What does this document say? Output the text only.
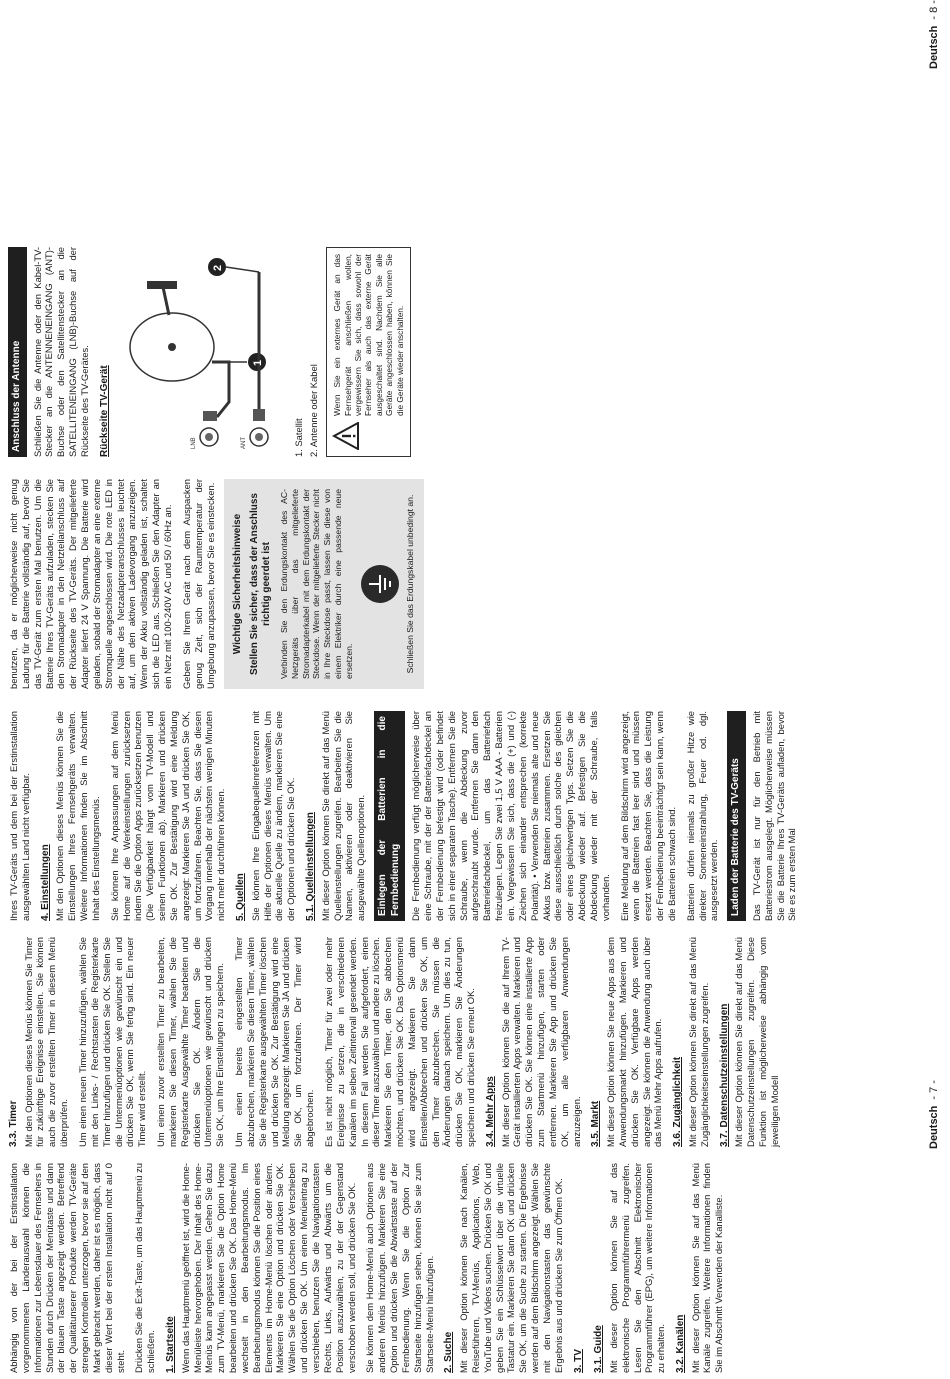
Abhängig von der bei der Erstinstallation vorgenommenen Länderauswahl können die Informationen zur Lebensdauer des Fernsehers in Stunden durch Drücken der Menütaste und dann der blauen Taste angezeigt werden. Betreffend der Qualitätunserer Produkte werden TV-Geräte strengen Kontrollen unterzogen, bevor sie auf den Markt gebracht werden, daher ist es möglich, dass dieser Wert bei der ersten Installation nicht auf 0 steht. Drücken Sie die Exit-Taste, um das Hauptmenü zu schließen. 1. Startseite Wenn das Hauptmenü geöffnet ist, wird die Home-Menüleiste hervorgehoben. Der Inhalt des Home-Menüs kann angepasst werden. Gehen Sie dazu zum TV-Menü, markieren Sie die Option Home bearbeiten und drücken Sie OK. Das Home-Menü wechselt in den Bearbeitungsmodus. Im Bearbeitungsmodus können Sie die Position eines Elements im Home-Menü löschen oder ändern. Markieren Sie eine Option und drücken Sie OK. Wählen Sie die Option Löschen oder Verschieben und drücken Sie OK. Um einen Menüeintrag zu verschieben, benutzen Sie die Navigationstasten Rechts, Links, Aufwärts und Abwärts um die Position auszuwählen, zu der der Gegenstand verschoben werden soll, und drücken Sie OK. Sie können dem Home-Menü auch Optionen aus anderen Menüs hinzufügen. Markieren Sie eine Option und drücken Sie die Abwärtstaste auf der Fernbedienung. Wenn Sie die Option Zur Startseite hinzufügen sehen, können Sie sie zum Startseite-Menü hinzufügen. 2. Suche Mit dieser Option können Sie nach Kanälen, Reiseführern, TV-Menüs, Applications, Web, YouTube und Videos suchen. Drücken Sie OK und geben Sie ein Schlüsselwort über die virtuelle Tastatur ein. Markieren Sie dann OK und drücken Sie OK, um die Suche zu starten. Die Ergebnisse werden auf dem Bildschirm angezeigt. Wählen Sie mit den Navigationstasten das gewünschte Ergebnis aus und drücken Sie zum Öffnen OK. 3. TV 3.1. Guide Mit dieser Option können Sie auf das elektronische Programmführermenü zugreifen. Lesen Sie den Abschnitt Elektronischer Programmführer (EPG), um weitere Informationen zu erhalten. 3.2. Kanälen Mit dieser Option können Sie auf das Menü Kanäle zugreifen. Weitere Informationen finden Sie im Abschnitt Verwenden der Kanalliste.

3.3. Timer Mit den Optionen dieses Menüs können Sie Timer für zukünftige Ereignisse einstellen. Sie können auch die zuvor erstellten Timer in diesem Menü überprüfen. Um einen neuen Timer hinzuzufügen, wählen Sie mit den Links- / Rechtstasten die Registerkarte Timer hinzufügen und drücken Sie OK. Stellen Sie die Untermenüoptionen wie gewünscht ein und drücken Sie OK, wenn Sie fertig sind. Ein neuer Timer wird erstellt. Um einen zuvor erstellten Timer zu bearbeiten, markieren Sie diesen Timer, wählen Sie die Registerkarte Ausgewählte Timer bearbeiten und drücken Sie OK. Ändern Sie die Untermenüoptionen wie gewünscht und drücken Sie OK, um Ihre Einstellungen zu speichern. Um einen bereits eingestellten Timer abzubrechen, markieren Sie diesen Timer, wählen Sie die Registerkarte ausgewählten Timer löschen und drücken Sie OK. Zur Bestätigung wird eine Meldung angezeigt: Markieren Sie JA und drücken Sie OK, um fortzufahren. Der Timer wird abgebrochen. Es ist nicht möglich, Timer für zwei oder mehr Ereignisse zu setzen, die in verschiedenen Kanälen im selben Zeitintervall gesendet werden. In diesem Fall werden Sie aufgefordert, einen dieser Timer auszuwählen und andere zu löschen. Markieren Sie den Timer, den Sie abbrechen möchten, und drücken Sie OK. Das Optionsmenü wird angezeigt. Markieren Sie dann Einstellen/Abbrechen und drücken Sie OK, um den Timer abzubrechen. Sie müssen die Änderungen danach speichern. Um dies zu tun, drücken Sie OK, markieren Sie Änderungen speichern und drücken Sie erneut OK. 3.4. Mehr Apps Mit dieser Option können Sie die auf Ihrem TV-Gerät installierten Apps verwalten. Markieren und drücken Sie OK. Sie können eine installierte App zum Startmenü hinzufügen, starten oder entfernen. Markieren Sie App und drücken Sie OK, um alle verfügbaren Anwendungen anzuzeigen. 3.5. Markt Mit dieser Option können Sie neue Apps aus dem Anwendungsmarkt hinzufügen. Markieren und drücken Sie OK. Verfügbare Apps werden angezeigt. Sie können die Anwendung auch über das Menü Mehr Apps aufrufen. 3.6. Zugänglichkeit Mit dieser Option können Sie direkt auf das Menü Zugänglichkeitseinstellungen zugreifen. 3.7. Datenschutzeinstellungen Mit dieser Option können Sie direkt auf das Menü Datenschutzeinstellungen zugreifen. Diese Funktion ist möglicherweise abhängig vom jeweiligen Modell

Ihres TV-Geräts und dem bei der Erstinstallation ausgewählten Land nicht verfügbar. 4. Einstellungen Mit den Optionen dieses Menüs können Sie die Einstellungen Ihres Fernsehgeräts verwalten. Weitere Informationen finden Sie im Abschnitt Inhalt des Einstellungsmenüs. Sie können Ihre Anpassungen auf dem Menü Home auf die Werkeinstellungen zurücksetzen indem Sie die Option Apps zurücksetzen benutzen (Die Verfügbarkeit hängt vom TV-Modell und seinen Funktionen ab). Markieren und drücken Sie OK. Zur Bestätigung wird eine Meldung angezeigt: Markieren Sie JA und drücken Sie OK, um fortzufahren. Beachten Sie, dass Sie diesen Vorgang innerhalb der nächsten wenigen Minuten nicht mehr durchführen können. 5. Quellen Sie können Ihre Eingabequellenreferenzen mit Hilfe der Optionen dieses Menüs verwalten. Um die aktuelle Quelle zu ändern, markieren Sie eine der Optionen und drücken Sie OK. 5.1. Quelleinstellungen Mit dieser Option können Sie direkt auf das Menü Quelleinstellungen zugreifen. Bearbeiten Sie die Namen, aktivieren oder deaktivieren Sie ausgewählte Quellenoptionen.	Einlegen der Batterien in die Fernbedienung	Die Fernbedienung verfügt möglicherweise über eine Schraube, mit der der Batteriefachdeckel an der Fernbedienung befestigt wird (oder befindet sich in einer separaten Tasche). Entfernen Sie die Schraube, wenn die Abdeckung zuvor aufgeschraubt wurde. Entfernen Sie dann den Batteriefachdeckel, um das Batteriefach freizulegen. Legen Sie zwei 1,5 V AAA - Batterien ein. Vergewissern Sie sich, dass die (+) und (-) Zeichen sich einander entsprechen (korrekte Polarität). • Verwenden Sie niemals alte und neue Akkus bzw. Batterien zusammen. Ersetzen Sie diese ausschließlich durch solche des gleichen oder eines gleichwertigen Typs. Setzen Sie die Abdeckung wieder auf. Befestigen Sie die Abdeckung wieder mit der Schraube, falls vorhanden. Eine Meldung auf dem Bildschirm wird angezeigt, wenn die Batterien fast leer sind und müssen ersetzt werden. Beachten Sie, dass die Leistung der Fernbedienung beeinträchtigt sein kann, wenn die Batterien schwach sind. Batterien dürfen niemals zu großer Hitze wie direkter Sonneneinstrahlung, Feuer od. dgl. ausgesetzt werden.	Laden der Batterie des TV-Geräts	Das TV-Gerät ist nur für den Betrieb mit Batteriestrom ausgelegt. Möglicherweise müssen Sie die Batterie Ihres TV-Geräts aufladen, bevor Sie es zum ersten Mal

Deutsch- 7 -

benutzen, da er möglicherweise nicht genug Ladung für die Batterie vollständig auf, bevor Sie das TV-Gerät zum ersten Mal benutzen. Um die Batterie Ihres TV-Geräts aufzuladen, stecken Sie den Stromadapter in den Netzteilanschluss auf der Rückseite des TV-Geräts. Der mitgelieferte Adapter liefert 24 V Spannung. Die Batterie wird geladen, sobald der Stromadapter an eine externe Stromquelle angeschlossen wird. Die rote LED in der Nähe des Netzadapteranschlusses leuchtet auf, um den aktiven Ladevorgang anzuzeigen. Wenn der Akku vollständig geladen ist, schaltet sich die LED aus. Schließen Sie den Adapter an ein Netz mit 100-240V AC und 50 / 60Hz an. Geben Sie Ihrem Gerät nach dem Auspacken genug Zeit, sich der Raumtemperatur der Umgebung anzupassen, bevor Sie es einstecken. Wichtige Sicherheitshinweise Stellen Sie sicher, dass der Anschluss richtig geerdet ist Verbinden Sie den Erdungskontakt des AC-Netzgeräts über das mitgelieferte Stromadapterkabel mit dem Erdungskontakt der Steckdose. Wenn der mitgelieferte Stecker nicht in Ihre Steckdose passt, lassen Sie diese von einem Elektriker durch eine passende neue ersetzen.	Schließen Sie das Erdungskabel unbedingt an.
Anschluss der Antenne	Schließen Sie die Antenne oder den Kabel-TV-Stecker an die ANTENNENEINGANG (ANT)-Buchse oder den Satellitenstecker an die SATELLITENEINGANG (LNB)-Buchse auf der Rückseite des TV-Gerätes. Rückseite TV-Gerät
1
2
LNB	ANT	1. Satellit 2. Antenne oder Kabel Wenn Sie ein externes Gerät an das Fernsehgerät anschließen wollen, vergewissern Sie sich, dass sowohl der Fernseher als auch das externe Gerät ausgeschaltet sind. Nachdem Sie alle Geräte angeschlossen haben, können Sie die Geräte wieder anschalten.
Deutsch- 8 -
